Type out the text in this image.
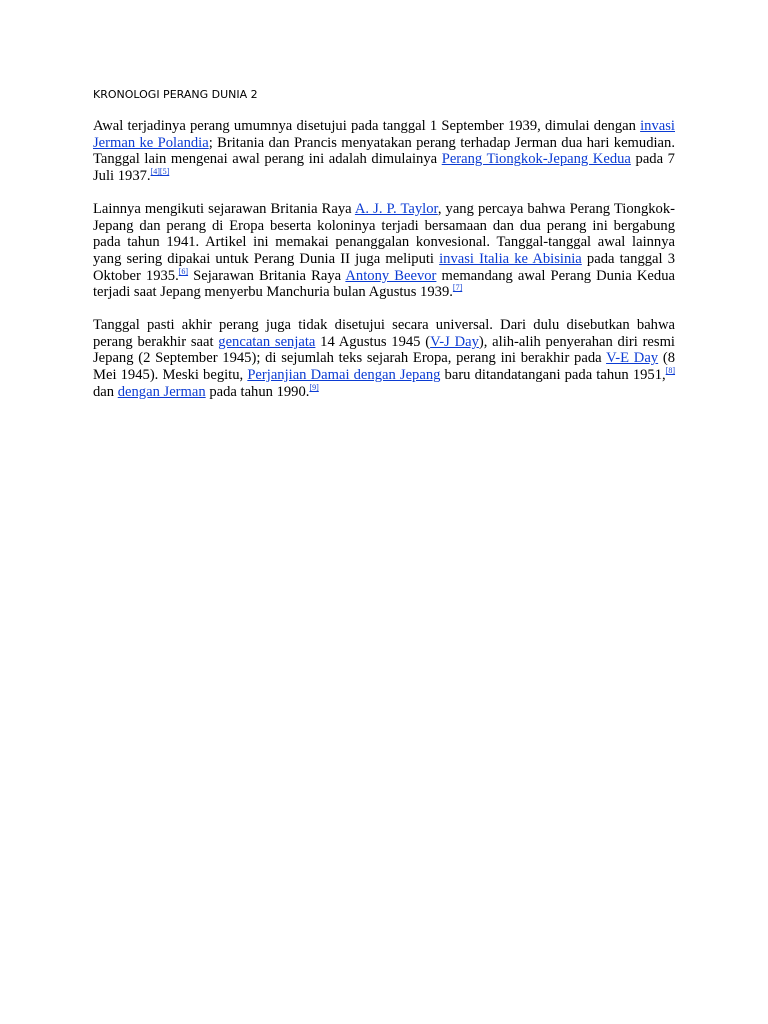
KRONOLOGI PERANG DUNIA 2

Awal terjadinya perang umumnya disetujui pada tanggal 1 September 1939, dimulai dengan invasi Jerman ke Polandia; Britania dan Prancis menyatakan perang terhadap Jerman dua hari kemudian. Tanggal lain mengenai awal perang ini adalah dimulainya Perang Tiongkok-Jepang Kedua pada 7 Juli 1937.[4][5]

Lainnya mengikuti sejarawan Britania Raya A. J. P. Taylor, yang percaya bahwa Perang Tiongkok-Jepang dan perang di Eropa beserta koloninya terjadi bersamaan dan dua perang ini bergabung pada tahun 1941. Artikel ini memakai penanggalan konvesional. Tanggal-tanggal awal lainnya yang sering dipakai untuk Perang Dunia II juga meliputi invasi Italia ke Abisinia pada tanggal 3 Oktober 1935.[6] Sejarawan Britania Raya Antony Beevor memandang awal Perang Dunia Kedua terjadi saat Jepang menyerbu Manchuria bulan Agustus 1939.[7]

Tanggal pasti akhir perang juga tidak disetujui secara universal. Dari dulu disebutkan bahwa perang berakhir saat gencatan senjata 14 Agustus 1945 (V-J Day), alih-alih penyerahan diri resmi Jepang (2 September 1945); di sejumlah teks sejarah Eropa, perang ini berakhir pada V-E Day (8 Mei 1945). Meski begitu, Perjanjian Damai dengan Jepang baru ditandatangani pada tahun 1951,[8] dan dengan Jerman pada tahun 1990.[9]
